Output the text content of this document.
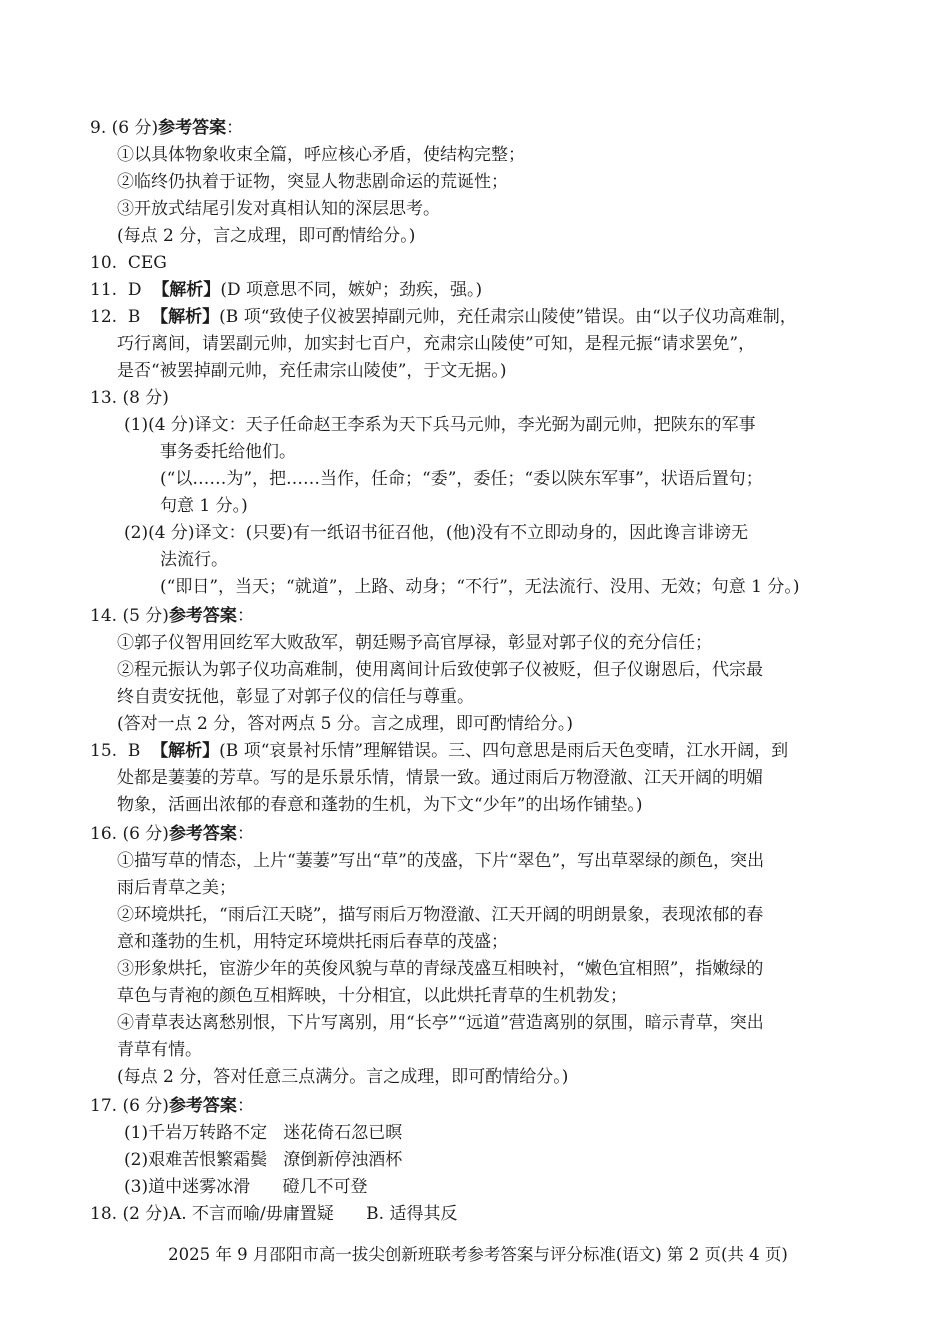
9. (6 分)参考答案：
①以具体物象收束全篇，呼应核心矛盾，使结构完整；
②临终仍执着于证物，突显人物悲剧命运的荒诞性；
③开放式结尾引发对真相认知的深层思考。
(每点 2 分，言之成理，即可酌情给分。)
10. CEG
11. D 【解析】(D 项意思不同，嫉妒；劲疾，强。)
12. B 【解析】(B 项“致使子仪被罢掉副元帅，充任肃宗山陵使”错误。由“以子仪功高难制，
巧行离间，请罢副元帅，加实封七百户，充肃宗山陵使”可知，是程元振“请求罢免”，
是否“被罢掉副元帅，充任肃宗山陵使”，于文无据。)
13. (8 分)
(1)(4 分)译文：天子任命赵王李系为天下兵马元帅，李光弼为副元帅，把陕东的军事
事务委托给他们。
(“以……为”，把……当作，任命；“委”，委任；“委以陕东军事”，状语后置句；
句意 1 分。)
(2)(4 分)译文：(只要)有一纸诏书征召他，(他)没有不立即动身的，因此谗言诽谤无
法流行。
(“即日”，当天；“就道”，上路、动身；“不行”，无法流行、没用、无效；句意 1 分。)
14. (5 分)参考答案：
①郭子仪智用回纥军大败敌军，朝廷赐予高官厚禄，彰显对郭子仪的充分信任；
②程元振认为郭子仪功高难制，使用离间计后致使郭子仪被贬，但子仪谢恩后，代宗最
终自责安抚他，彰显了对郭子仪的信任与尊重。
(答对一点 2 分，答对两点 5 分。言之成理，即可酌情给分。)
15. B 【解析】(B 项“哀景衬乐情”理解错误。三、四句意思是雨后天色变晴，江水开阔，到
处都是萋萋的芳草。写的是乐景乐情，情景一致。通过雨后万物澄澈、江天开阔的明媚
物象，活画出浓郁的春意和蓬勃的生机，为下文“少年”的出场作铺垫。)
16. (6 分)参考答案：
①描写草的情态，上片“萋萋”写出“草”的茂盛，下片“翠色”，写出草翠绿的颜色，突出
雨后青草之美；
②环境烘托，“雨后江天晓”，描写雨后万物澄澈、江天开阔的明朗景象，表现浓郁的春
意和蓬勃的生机，用特定环境烘托雨后春草的茂盛；
③形象烘托，宦游少年的英俊风貌与草的青绿茂盛互相映衬，“嫩色宜相照”，指嫩绿的
草色与青袍的颜色互相辉映，十分相宜，以此烘托青草的生机勃发；
④青草表达离愁别恨，下片写离别，用“长亭”“远道”营造离别的氛围，暗示青草，突出
青草有情。
(每点 2 分，答对任意三点满分。言之成理，即可酌情给分。)
17. (6 分)参考答案：
(1)千岩万转路不定   迷花倚石忽已暝
(2)艰难苦恨繁霜鬓   潦倒新停浊酒杯
(3)道中迷雾冰滑      磴几不可登
18. (2 分)A. 不言而喻/毋庸置疑      B. 适得其反
2025 年 9 月邵阳市高一拔尖创新班联考参考答案与评分标准(语文) 第 2 页(共 4 页)
